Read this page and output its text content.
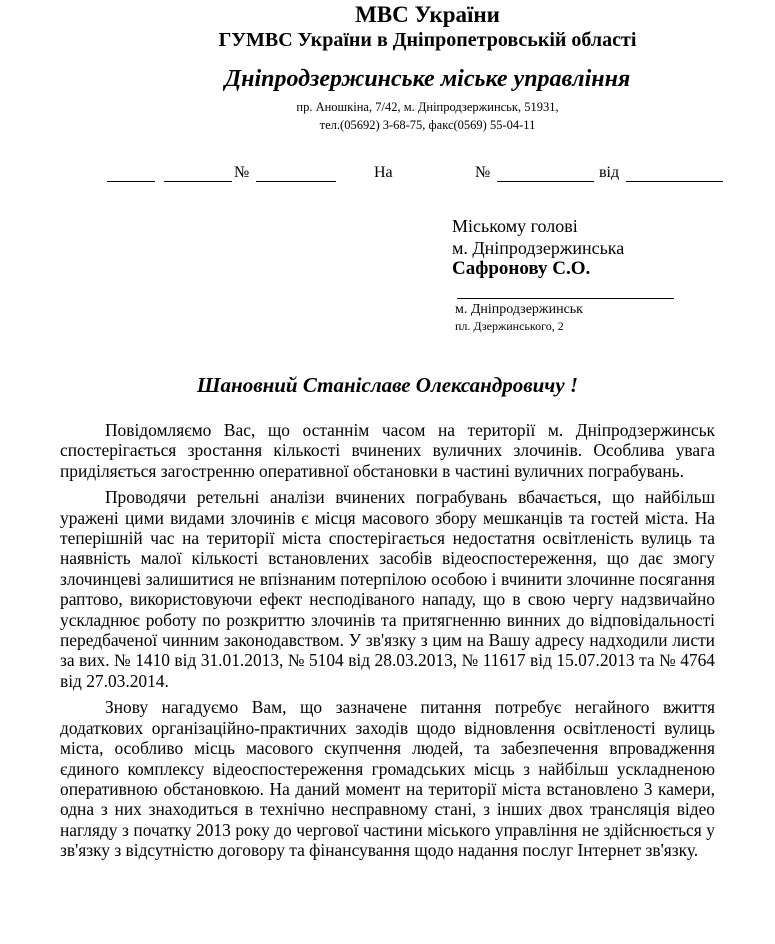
МВС України
ГУМВС України в Дніпропетровській області
Дніпродзержинське міське управління
пр. Аношкіна, 7/42, м. Дніпродзержинськ, 51931,
тел.(05692) 3-68-75, факс(0569) 55-04-11
№	На	№	від
Міському голові
м. Дніпродзержинська
Сафронову С.О.
м. Дніпродзержинськ
пл. Дзержинського, 2
Шановний Станіславе Олександровичу !

Повідомляємо Вас, що останнім часом на території м. Дніпродзержинськ спостерігається зростання кількості вчинених вуличних злочинів. Особлива увага приділяється загостренню оперативної обстановки в частині вуличних пограбувань.

Проводячи ретельні аналізи вчинених пограбувань вбачається, що найбільш уражені цими видами злочинів є місця масового збору мешканців та гостей міста. На теперішній час на території міста спостерігається недостатня освітленість вулиць та наявність малої кількості встановлених засобів відеоспостереження, що дає змогу злочинцеві залишитися не впізнаним потерпілою особою і вчинити злочинне посягання раптово, використовуючи ефект несподіваного нападу, що в свою чергу надзвичайно ускладнює роботу по розкриттю злочинів та притягненню винних до відповідальності передбаченої чинним законодавством. У зв'язку з цим на Вашу адресу надходили листи за вих. № 1410 від 31.01.2013, № 5104 від 28.03.2013, № 11617 від 15.07.2013 та № 4764 від 27.03.2014.

Знову нагадуємо Вам, що зазначене питання потребує негайного вжиття додаткових організаційно-практичних заходів щодо відновлення освітленості вулиць міста, особливо місць масового скупчення людей, та забезпечення впровадження єдиного комплексу відеоспостереження громадських місць з найбільш ускладненою оперативною обстановкою. На даний момент на території міста встановлено 3 камери, одна з них знаходиться в технічно несправному стані, з інших двох трансляція відео нагляду з початку 2013 року до чергової частини міського управління не здійснюється у зв'язку з відсутністю договору та фінансування щодо надання послуг Інтернет зв'язку.
